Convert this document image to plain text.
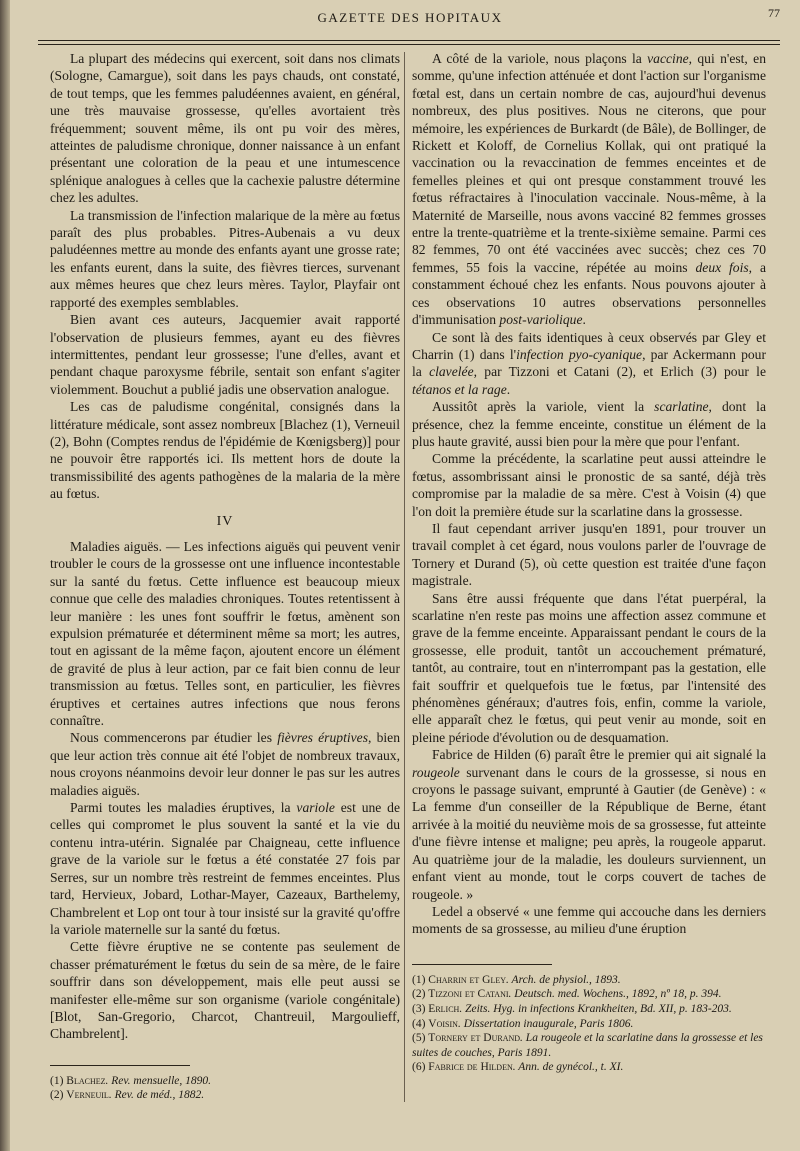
GAZETTE DES HOPITAUX	77

La plupart des médecins qui exercent, soit dans nos climats (Sologne, Camargue), soit dans les pays chauds, ont constaté, de tout temps, que les femmes paludéennes avaient, en général, une très mauvaise grossesse, qu'elles avortaient très fréquemment; souvent même, ils ont pu voir des mères, atteintes de paludisme chronique, donner naissance à un enfant présentant une coloration de la peau et une intumescence splénique analogues à celles que la cachexie palustre détermine chez les adultes.

La transmission de l'infection malarique de la mère au fœtus paraît des plus probables. Pitres-Aubenais a vu deux paludéennes mettre au monde des enfants ayant une grosse rate; les enfants eurent, dans la suite, des fièvres tierces, survenant aux mêmes heures que chez leurs mères. Taylor, Playfair ont rapporté des exemples semblables.

Bien avant ces auteurs, Jacquemier avait rapporté l'observation de plusieurs femmes, ayant eu des fièvres intermittentes, pendant leur grossesse; l'une d'elles, avant et pendant chaque paroxysme fébrile, sentait son enfant s'agiter violemment. Bouchut a publié jadis une observation analogue.

Les cas de paludisme congénital, consignés dans la littérature médicale, sont assez nombreux [Blachez (1), Verneuil (2), Bohn (Comptes rendus de l'épidémie de Kœnigsberg)] pour ne pouvoir être rapportés ici. Ils mettent hors de doute la transmissibilité des agents pathogènes de la malaria de la mère au fœtus.

IV

Maladies aiguës. — Les infections aiguës qui peuvent venir troubler le cours de la grossesse ont une influence incontestable sur la santé du fœtus. Cette influence est beaucoup mieux connue que celle des maladies chroniques. Toutes retentissent à leur manière : les unes font souffrir le fœtus, amènent son expulsion prématurée et déterminent même sa mort; les autres, tout en agissant de la même façon, ajoutent encore un élément de gravité de plus à leur action, par ce fait bien connu de leur transmission au fœtus. Telles sont, en particulier, les fièvres éruptives et certaines autres infections que nous ferons connaître.

Nous commencerons par étudier les fièvres éruptives, bien que leur action très connue ait été l'objet de nombreux travaux, nous croyons néanmoins devoir leur donner le pas sur les autres maladies aiguës.

Parmi toutes les maladies éruptives, la variole est une de celles qui compromet le plus souvent la santé et la vie du contenu intra-utérin. Signalée par Chaigneau, cette influence grave de la variole sur le fœtus a été constatée 27 fois par Serres, sur un nombre très restreint de femmes enceintes. Plus tard, Hervieux, Jobard, Lothar-Mayer, Cazeaux, Barthelemy, Chambrelent et Lop ont tour à tour insisté sur la gravité qu'offre la variole maternelle sur la santé du fœtus.

Cette fièvre éruptive ne se contente pas seulement de chasser prématurément le fœtus du sein de sa mère, de le faire souffrir dans son développement, mais elle peut aussi se manifester elle-même sur son organisme (variole congénitale) [Blot, San-Gregorio, Charcot, Chantreuil, Margoulieff, Chambrelent].

(1) Blachez. Rev. mensuelle, 1890.

(2) Verneuil. Rev. de méd., 1882.

A côté de la variole, nous plaçons la vaccine, qui n'est, en somme, qu'une infection atténuée et dont l'action sur l'organisme fœtal est, dans un certain nombre de cas, aujourd'hui devenus nombreux, des plus positives. Nous ne citerons, que pour mémoire, les expériences de Burkardt (de Bâle), de Bollinger, de Rickett et Koloff, de Cornelius Kollak, qui ont pratiqué la vaccination ou la revaccination de femmes enceintes et de femelles pleines et qui ont presque constamment trouvé les fœtus réfractaires à l'inoculation vaccinale. Nous-même, à la Maternité de Marseille, nous avons vacciné 82 femmes grosses entre la trente-quatrième et la trente-sixième semaine. Parmi ces 82 femmes, 70 ont été vaccinées avec succès; chez ces 70 femmes, 55 fois la vaccine, répétée au moins deux fois, a constamment échoué chez les enfants. Nous pouvons ajouter à ces observations 10 autres observations personnelles d'immunisation post-variolique.

Ce sont là des faits identiques à ceux observés par Gley et Charrin (1) dans l'infection pyo-cyanique, par Ackermann pour la clavelée, par Tizzoni et Catani (2), et Erlich (3) pour le tétanos et la rage.

Aussitôt après la variole, vient la scarlatine, dont la présence, chez la femme enceinte, constitue un élément de la plus haute gravité, aussi bien pour la mère que pour l'enfant.

Comme la précédente, la scarlatine peut aussi atteindre le fœtus, assombrissant ainsi le pronostic de sa santé, déjà très compromise par la maladie de sa mère. C'est à Voisin (4) que l'on doit la première étude sur la scarlatine dans la grossesse.

Il faut cependant arriver jusqu'en 1891, pour trouver un travail complet à cet égard, nous voulons parler de l'ouvrage de Tornery et Durand (5), où cette question est traitée d'une façon magistrale.

Sans être aussi fréquente que dans l'état puerpéral, la scarlatine n'en reste pas moins une affection assez commune et grave de la femme enceinte. Apparaissant pendant le cours de la grossesse, elle produit, tantôt un accouchement prématuré, tantôt, au contraire, tout en n'interrompant pas la gestation, elle fait souffrir et quelquefois tue le fœtus, par l'intensité des phénomènes généraux; d'autres fois, enfin, comme la variole, elle apparaît chez le fœtus, qui peut venir au monde, soit en pleine période d'évolution ou de desquamation.

Fabrice de Hilden (6) paraît être le premier qui ait signalé la rougeole survenant dans le cours de la grossesse, si nous en croyons le passage suivant, emprunté à Gautier (de Genève) : « La femme d'un conseiller de la République de Berne, étant arrivée à la moitié du neuvième mois de sa grossesse, fut atteinte d'une fièvre intense et maligne; peu après, la rougeole apparut. Au quatrième jour de la maladie, les douleurs surviennent, un enfant vient au monde, tout le corps couvert de taches de rougeole. »

Ledel a observé « une femme qui accouche dans les derniers moments de sa grossesse, au milieu d'une éruption

(1) Charrin et Gley. Arch. de physiol., 1893.

(2) Tizzoni et Catani. Deutsch. med. Wochens., 1892, nº 18, p. 394.

(3) Erlich. Zeits. Hyg. in infections Krankheiten, Bd. XII, p. 183-203.

(4) Voisin. Dissertation inaugurale, Paris 1806.

(5) Tornery et Durand. La rougeole et la scarlatine dans la grossesse et les suites de couches, Paris 1891.

(6) Fabrice de Hilden. Ann. de gynécol., t. XI.
